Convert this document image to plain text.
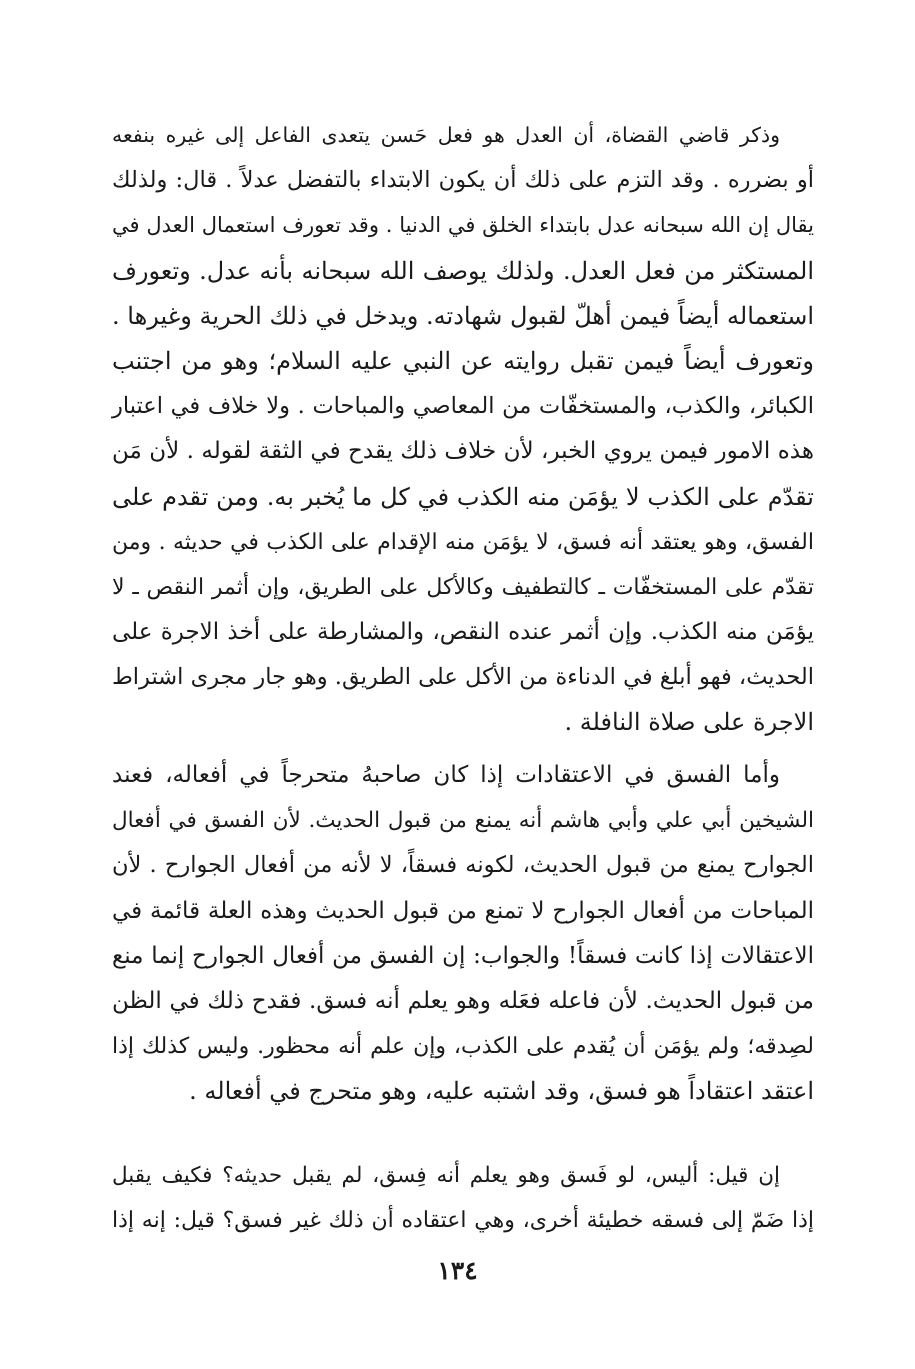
وذكر قاضي القضاة، أن العدل هو فعل حَسن يتعدى الفاعل إلى غيره بنفعه
أو بضرره . وقد التزم على ذلك أن يكون الابتداء بالتفضل عدلاً . قال: ولذلك
يقال إن الله سبحانه عدل بابتداء الخلق في الدنيا . وقد تعورف استعمال العدل في
المستكثر من فعل العدل. ولذلك يوصف الله سبحانه بأنه عدل. وتعورف
استعماله أيضاً فيمن أهلّ لقبول شهادته. ويدخل في ذلك الحرية وغيرها .
وتعورف أيضاً فيمن تقبل روايته عن النبي عليه السلام؛ وهو من اجتنب
الكبائر، والكذب، والمستخفّات من المعاصي والمباحات . ولا خلاف في اعتبار
هذه الامور فيمن يروي الخبر، لأن خلاف ذلك يقدح في الثقة لقوله . لأن مَن
تقدّم على الكذب لا يؤمَن منه الكذب في كل ما يُخبر به. ومن تقدم على
الفسق، وهو يعتقد أنه فسق، لا يؤمَن منه الإقدام على الكذب في حديثه . ومن
تقدّم على المستخفّات ـ كالتطفيف وكالأكل على الطريق، وإن أثمر النقص ـ لا
يؤمَن منه الكذب. وإن أثمر عنده النقص، والمشارطة على أخذ الاجرة على
الحديث، فهو أبلغ في الدناءة من الأكل على الطريق. وهو جار مجرى اشتراط
الاجرة على صلاة النافلة .
وأما الفسق في الاعتقادات إذا كان صاحبهُ متحرجاً في أفعاله، فعند
الشيخين أبي علي وأبي هاشم أنه يمنع من قبول الحديث. لأن الفسق في أفعال
الجوارح يمنع من قبول الحديث، لكونه فسقاً، لا لأنه من أفعال الجوارح . لأن
المباحات من أفعال الجوارح لا تمنع من قبول الحديث وهذه العلة قائمة في
الاعتقالات إذا كانت فسقاً! والجواب: إن الفسق من أفعال الجوارح إنما منع
من قبول الحديث. لأن فاعله فعَله وهو يعلم أنه فسق. فقدح ذلك في الظن
لصِدقه؛ ولم يؤمَن أن يُقدم على الكذب، وإن علم أنه محظور. وليس كذلك إذا
اعتقد اعتقاداً هو فسق، وقد اشتبه عليه، وهو متحرج في أفعاله .
إن قيل: أليس، لو فَسق وهو يعلم أنه فِسق، لم يقبل حديثه؟ فكيف يقبل
إذا ضَمّ إلى فسقه خطيئة أخرى، وهي اعتقاده أن ذلك غير فسق؟ قيل: إنه إذا
١٣٤
